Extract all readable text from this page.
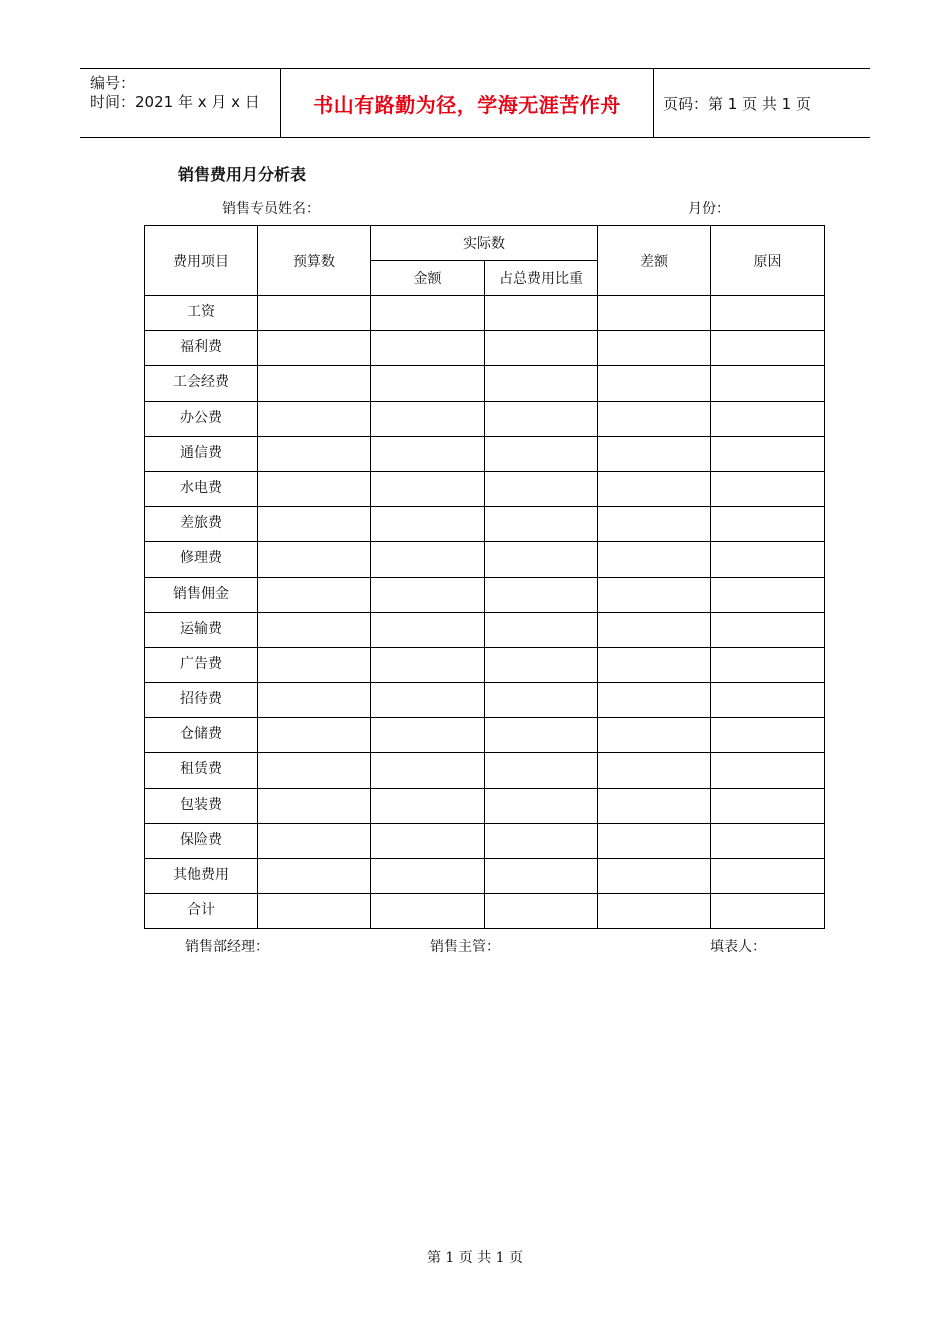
编号：
时间：2021 年 x 月 x 日	书山有路勤为径，学海无涯苦作舟	页码：第 1 页 共 1 页
销售费用月分析表
销售专员姓名：	月份：
费用项目	预算数	实际数		差额	原因
		金额	占总费用比重		
工资					
福利费					
工会经费					
办公费					
通信费					
水电费					
差旅费					
修理费					
销售佣金					
运输费					
广告费					
招待费					
仓储费					
租赁费					
包装费					
保险费					
其他费用					
合计					
销售部经理：	销售主管：	填表人：
第 1 页 共 1 页
